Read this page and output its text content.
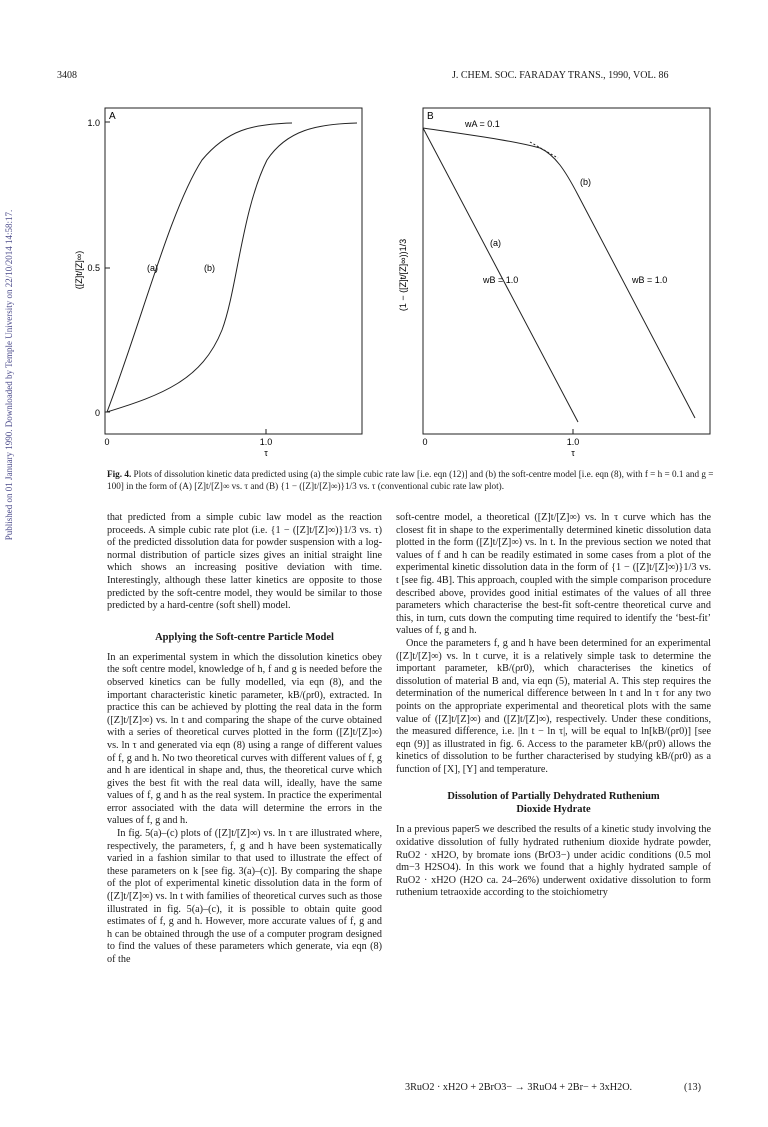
3408	J. CHEM. SOC. FARADAY TRANS., 1990, VOL. 86
Published on 01 January 1990. Downloaded by Temple University on 22/10/2014 14:58:17.
A
1.0
0.5
0
0	1.0
τ
([Z]t/[Z]∞)	(a)	(b)
B
0	1.0
τ
(1 − ([Z]t/[Z]∞))1/3
wA = 0.1
(b)
(a)
wB = 1.0	wB = 1.0
Fig. 4. Plots of dissolution kinetic data predicted using (a) the simple cubic rate law [i.e. eqn (12)] and (b) the soft-centre model [i.e. eqn (8), with f = h = 0.1 and g = 100] in the form of (A) [Z]t/[Z]∞ vs. τ and (B) {1 − ([Z]t/[Z]∞)}1/3 vs. τ (conventional cubic rate law plot).

that predicted from a simple cubic law model as the reaction proceeds. A simple cubic rate plot (i.e. {1 − ([Z]t/[Z]∞)}1/3 vs. τ) of the predicted dissolution data for powder suspension with a log-normal distribution of particle sizes gives an initial straight line which shows an increasing positive deviation with time. Interestingly, although these latter kinetics are opposite to those predicted by the soft-centre model, they would be similar to those predicted by a hard-centre (soft shell) model.

Applying the Soft-centre Particle Model

In an experimental system in which the dissolution kinetics obey the soft centre model, knowledge of h, f and g is needed before the observed kinetics can be fully modelled, via eqn (8), and the important characteristic kinetic parameter, kB/(ρr0), extracted. In practice this can be achieved by plotting the real data in the form ([Z]t/[Z]∞) vs. ln t and comparing the shape of the curve obtained with a series of theoretical curves plotted in the form ([Z]t/[Z]∞) vs. ln τ and generated via eqn (8) using a range of different values of f, g and h. No two theoretical curves with different values of f, g and h are identical in shape and, thus, the theoretical curve which gives the best fit with the real data will, ideally, have the same values of f, g and h as the real system. In practice the experimental error associated with the data will determine the errors in the values of f, g and h.

In fig. 5(a)–(c) plots of ([Z]t/[Z]∞) vs. ln τ are illustrated where, respectively, the parameters, f, g and h have been systematically varied in a fashion similar to that used to illustrate the effect of these parameters on k [see fig. 3(a)–(c)]. By comparing the shape of the plot of experimental kinetic dissolution data in the form of ([Z]t/[Z]∞) vs. ln t with families of theoretical curves such as those illustrated in fig. 5(a)–(c), it is possible to obtain quite good estimates of f, g and h. However, more accurate values of f, g and h can be obtained through the use of a computer program designed to find the values of these parameters which generate, via eqn (8) of the

soft-centre model, a theoretical ([Z]t/[Z]∞) vs. ln τ curve which has the closest fit in shape to the experimentally determined kinetic dissolution data plotted in the form ([Z]t/[Z]∞) vs. ln t. In the previous section we noted that values of f and h can be readily estimated in some cases from a plot of the experimental kinetic dissolution data in the form of {1 − ([Z]t/[Z]∞)}1/3 vs. t [see fig. 4B]. This approach, coupled with the simple comparison procedure described above, provides good initial estimates of the values of all three parameters which characterise the best-fit soft-centre theoretical curve and this, in turn, cuts down the computing time required to identify the ‘best-fit’ values of f, g and h.

Once the parameters f, g and h have been determined for an experimental ([Z]t/[Z]∞) vs. ln t curve, it is a relatively simple task to determine the important parameter, kB/(ρr0), which characterises the kinetics of dissolution of material B and, via eqn (5), material A. This step requires the determination of the numerical difference between ln t and ln τ for any two points on the appropriate experimental and theoretical plots with the same value of ([Z]t/[Z]∞) and ([Z]t/[Z]∞), respectively. Under these conditions, the measured difference, i.e. |ln t − ln τ|, will be equal to ln[kB/(ρr0)] [see eqn (9)] as illustrated in fig. 6. Access to the parameter kB/(ρr0) allows the kinetics of dissolution to be further characterised by studying kB/(ρr0) as a function of [X], [Y] and temperature.

Dissolution of Partially Dehydrated Ruthenium
Dioxide Hydrate

In a previous paper5 we described the results of a kinetic study involving the oxidative dissolution of fully hydrated ruthenium dioxide hydrate powder, RuO2 · xH2O, by bromate ions (BrO3−) under acidic conditions (0.5 mol dm−3 H2SO4). In this work we found that a highly hydrated sample of RuO2 · xH2O (H2O ca. 24–26%) underwent oxidative dissolution to form ruthenium tetraoxide according to the stoichiometry

3RuO2 · xH2O + 2BrO3− → 3RuO4 + 2Br− + 3xH2O.	(13)
